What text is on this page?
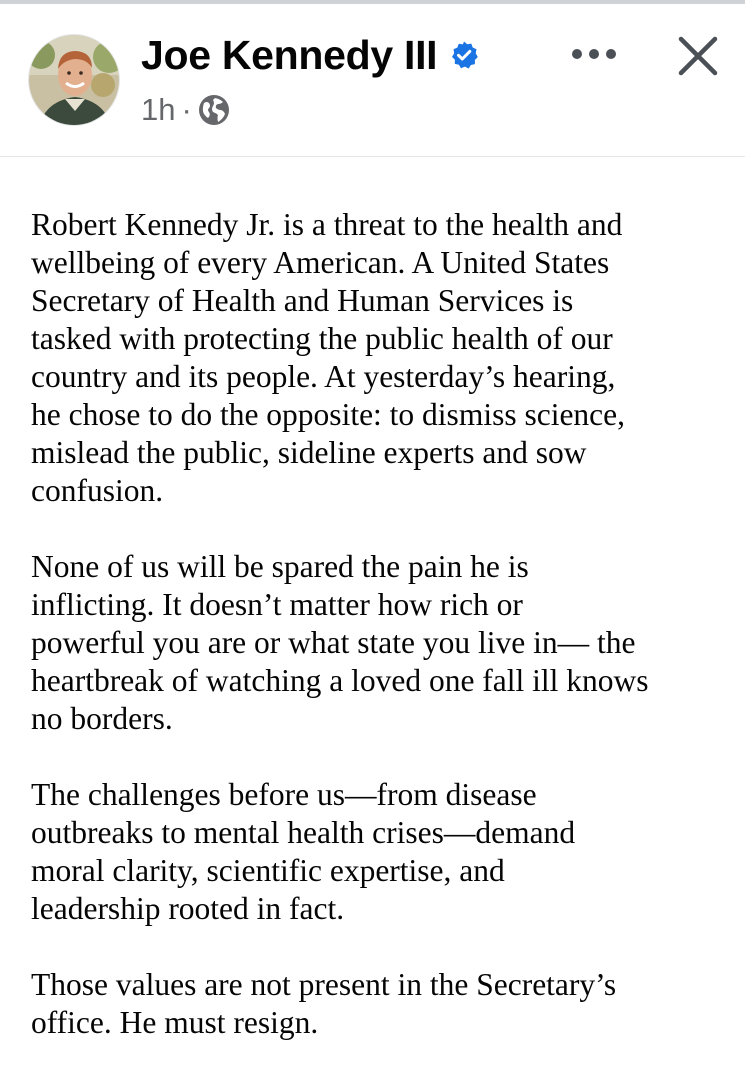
Joe Kennedy III
1h ·

Robert Kennedy Jr. is a threat to the health and
wellbeing of every American. A United States
Secretary of Health and Human Services is
tasked with protecting the public health of our
country and its people. At yesterday’s hearing,
he chose to do the opposite: to dismiss science,
mislead the public, sideline experts and sow
confusion.

None of us will be spared the pain he is
inflicting. It doesn’t matter how rich or
powerful you are or what state you live in— the
heartbreak of watching a loved one fall ill knows
no borders.

The challenges before us—from disease
outbreaks to mental health crises—demand
moral clarity, scientific expertise, and
leadership rooted in fact.

Those values are not present in the Secretary’s
office. He must resign.
